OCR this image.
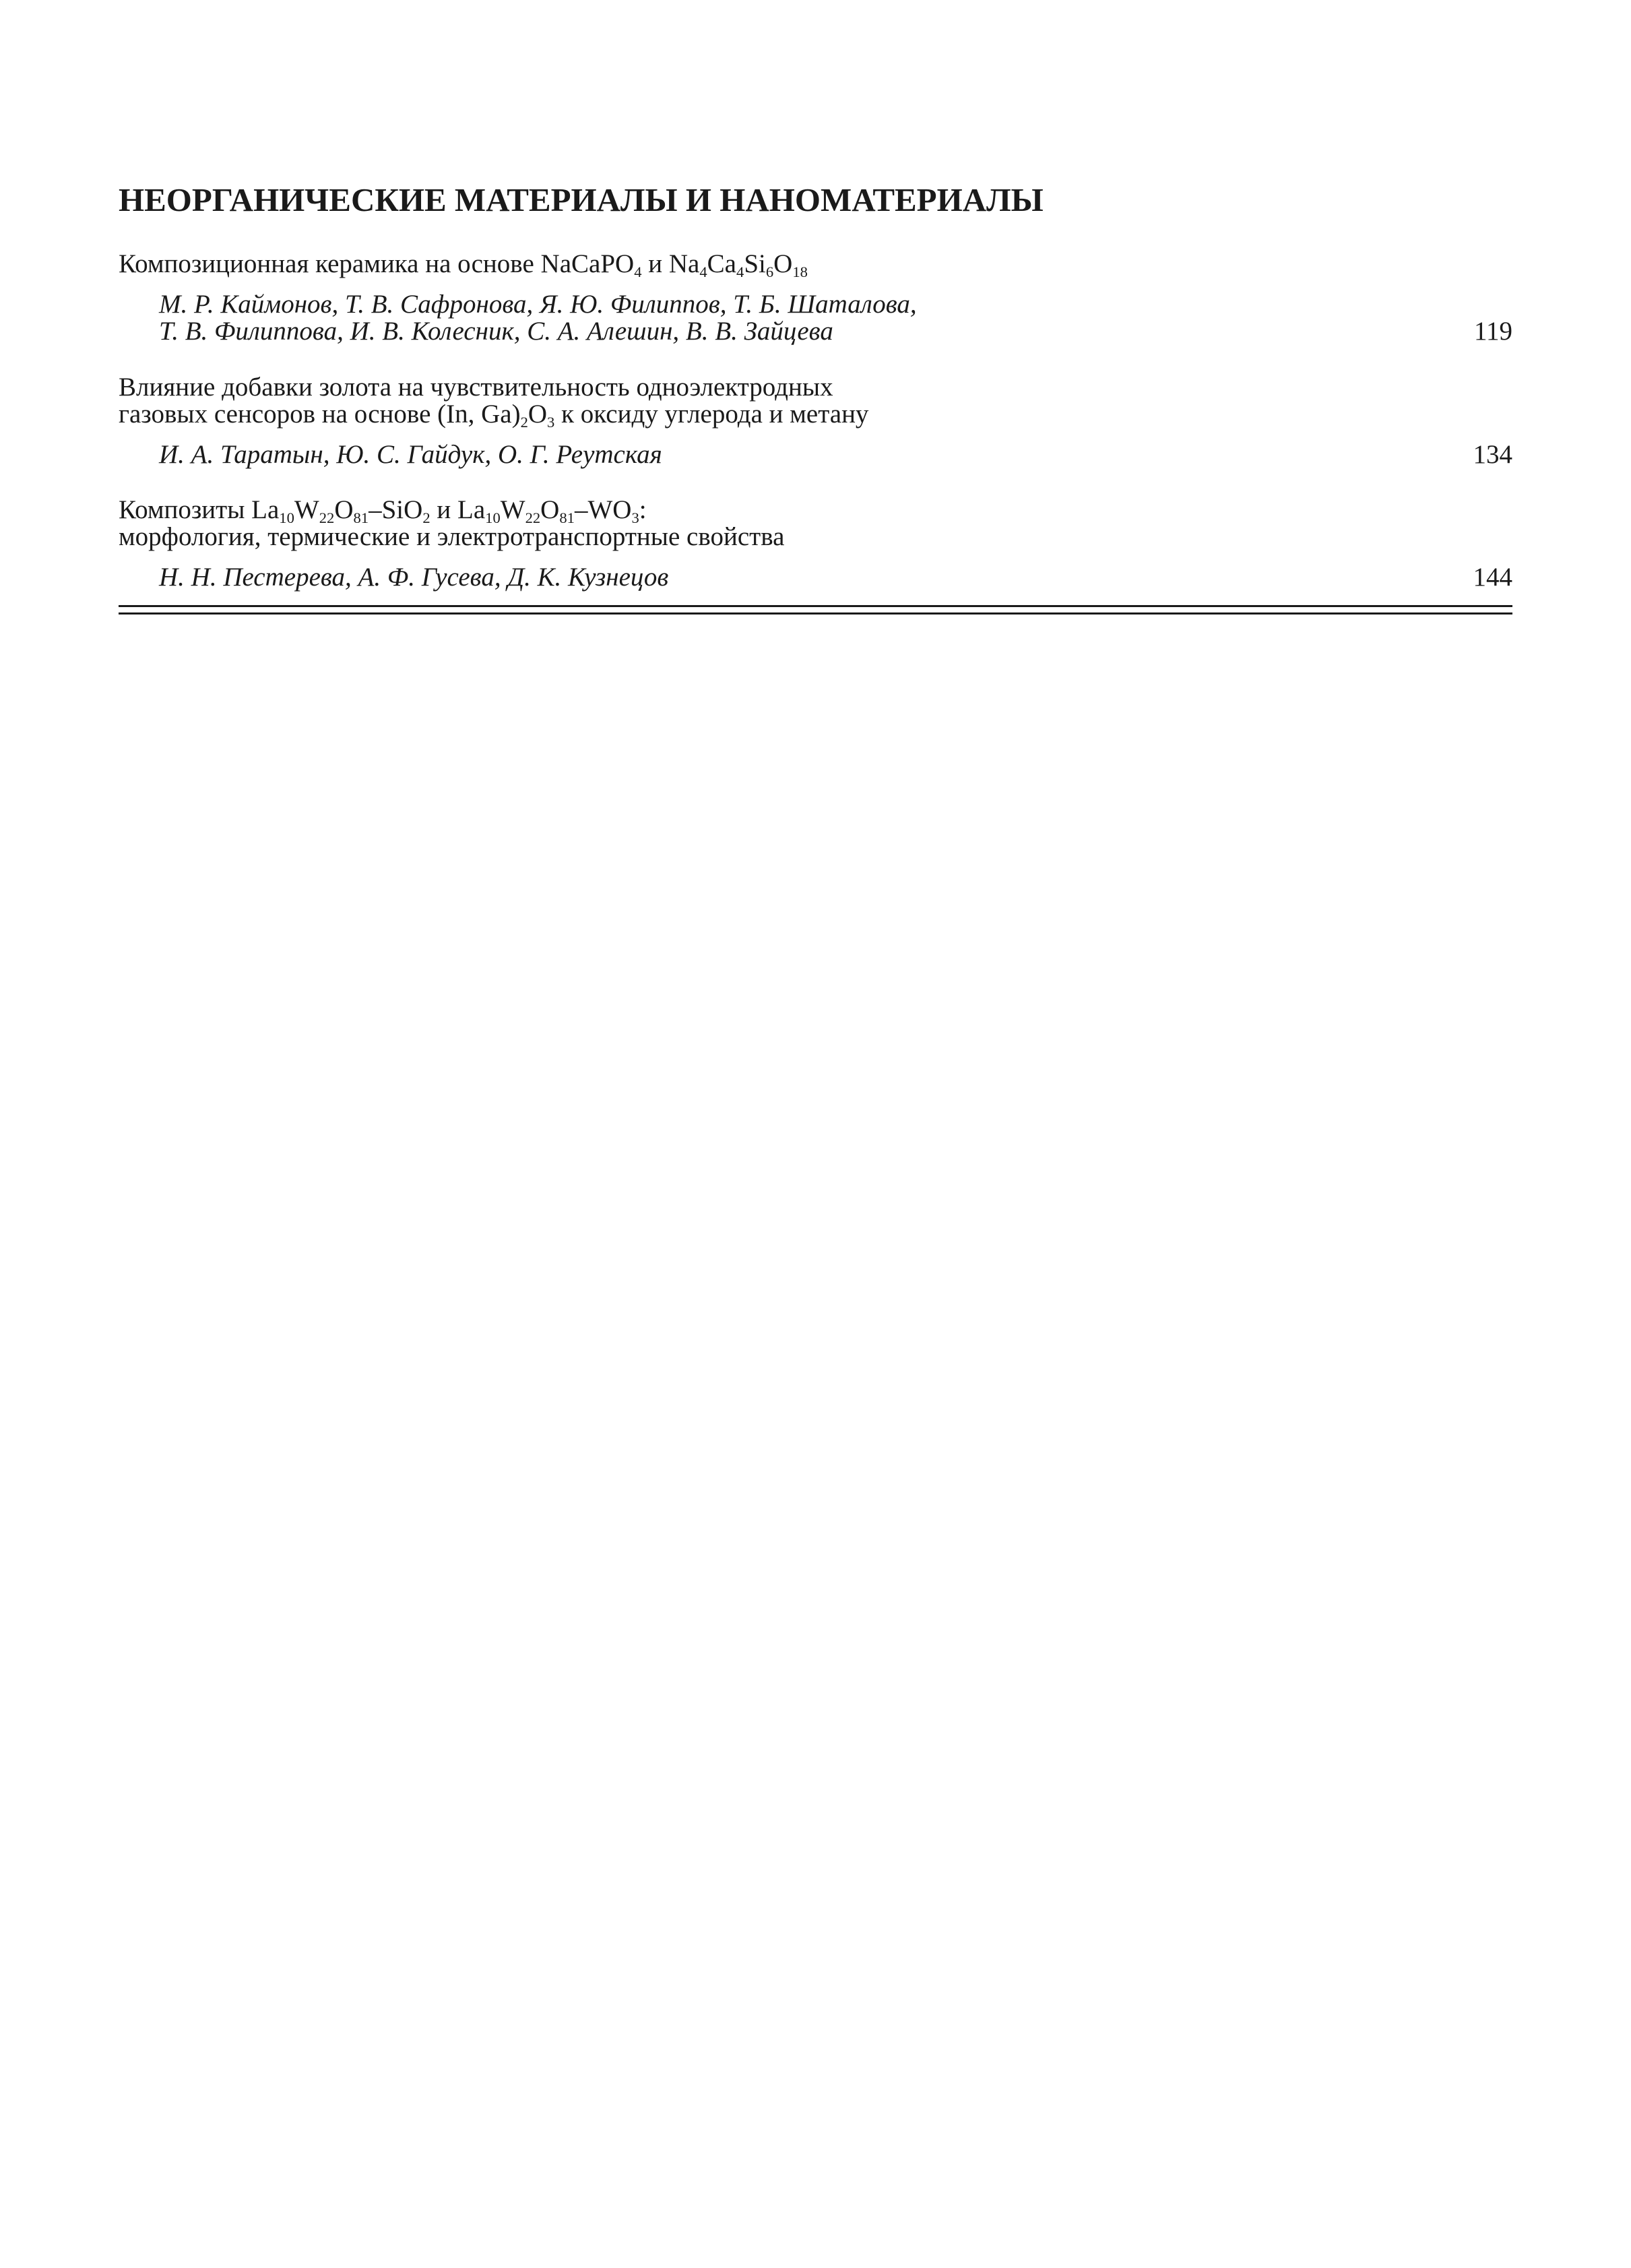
НЕОРГАНИЧЕСКИЕ МАТЕРИАЛЫ И НАНОМАТЕРИАЛЫ
Композиционная керамика на основе NaCaPO$_4$ и $Na_4Ca_4Si_6O_{18}$
М. Р. Каймонов, Т. В. Сафронова, Я. Ю. Филиппов, Т. Б. Шаталова,
Т. В. Филиппова, И. В. Колесник, С. А. Алешин, В. В. Зайцева	119
Влияние добавки золота на чувствительность одноэлектродных
газовых сенсоров на основе (In, $Ga)_2O_3$ к оксиду углерода и метану
И. А. Таратын, Ю. С. Гайдук, О. Г. Реутская	134
Композиты $La_{10}W_{22}O_{81}-SiO_2$ и $La_{10}W_{22}O_{81}-WO_3$:
морфология, термические и электротранспортные свойства
Н. Н. Пестерева, А. Ф. Гусева, Д. К. Кузнецов	144
